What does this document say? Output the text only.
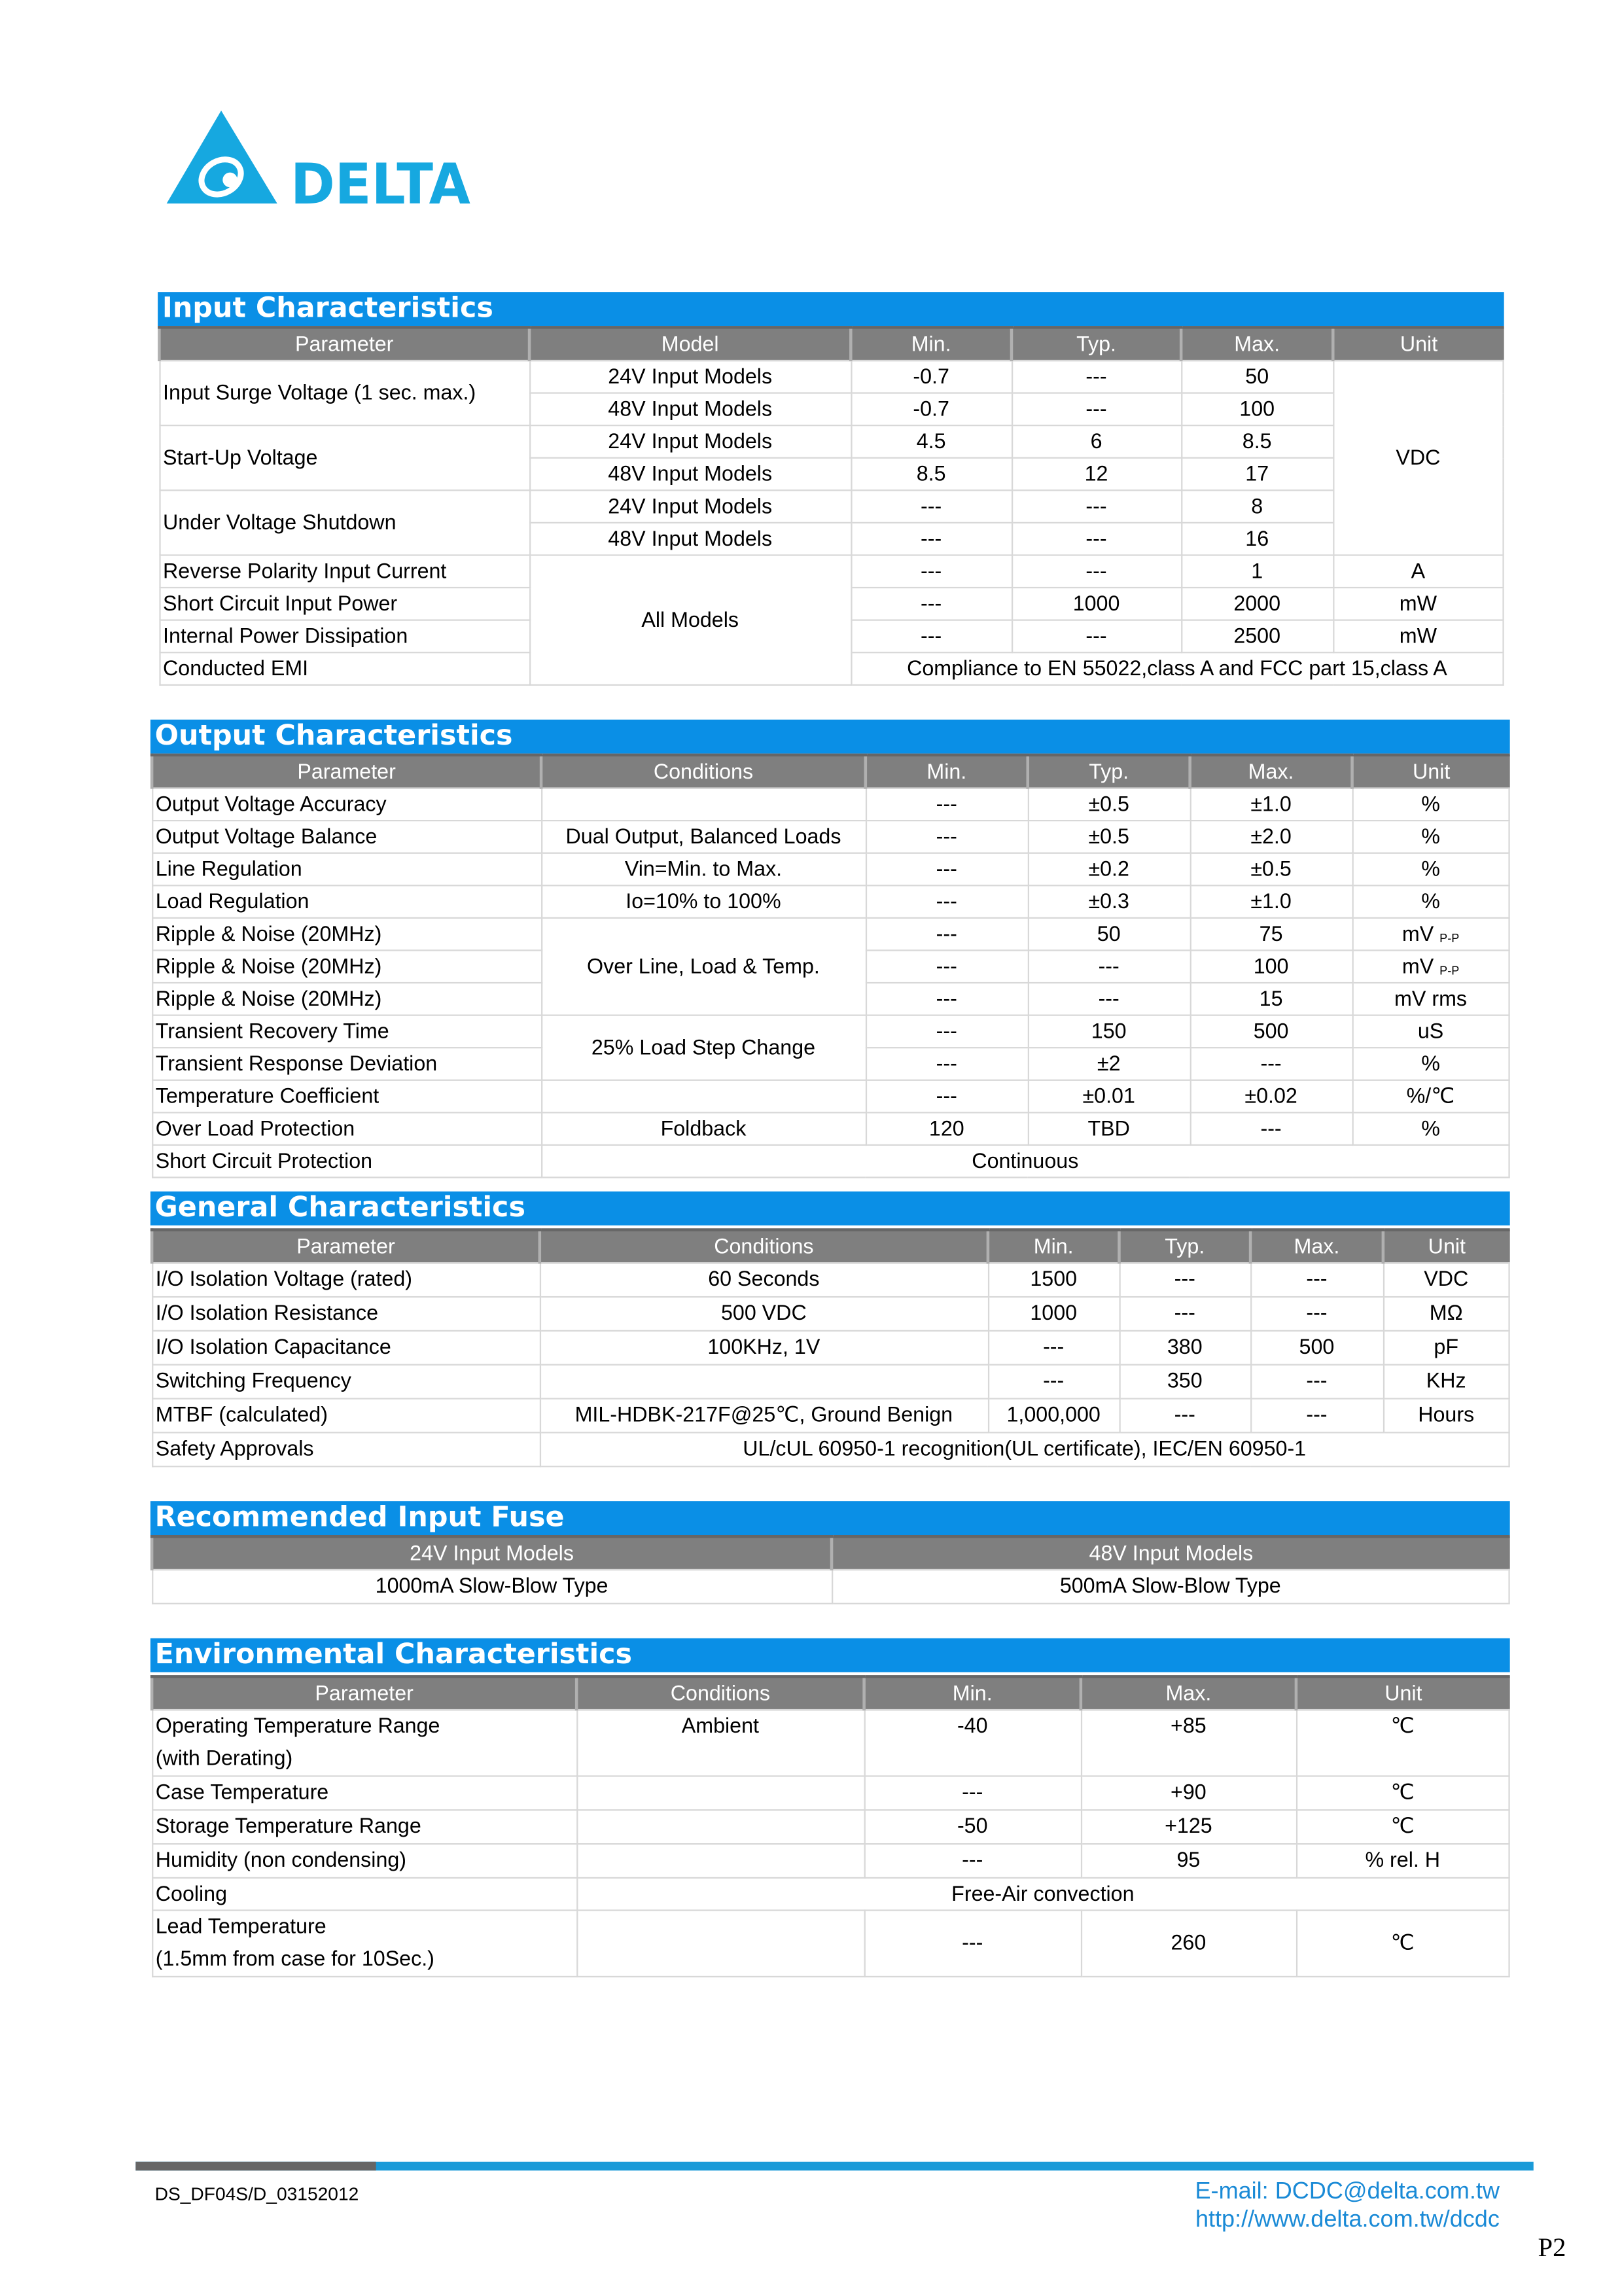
DELTA
Input Characteristics
Parameter	Model	Min.	Typ.	Max.	Unit
Input Surge Voltage (1 sec. max.)	24V Input Models	-0.7	---	50	VDC
	48V Input Models	-0.7	---	100	
Start-Up Voltage	24V Input Models	4.5	6	8.5	
	48V Input Models	8.5	12	17	
Under Voltage Shutdown	24V Input Models	---	---	8	
	48V Input Models	---	---	16	
Reverse Polarity Input Current	All Models	---	---	1	A
Short Circuit Input Power		---	1000	2000	mW
Internal Power Dissipation		---	---	2500	mW
Conducted EMI		Compliance to EN 55022,class A and FCC part 15,class A			
Output Characteristics
Parameter	Conditions	Min.	Typ.	Max.	Unit
Output Voltage Accuracy		---	±0.5	±1.0	%
Output Voltage Balance	Dual Output, Balanced Loads	---	±0.5	±2.0	%
Line Regulation	Vin=Min. to Max.	---	±0.2	±0.5	%
Load Regulation	Io=10% to 100%	---	±0.3	±1.0	%
Ripple & Noise (20MHz)	Over Line, Load & Temp.	---	50	75	mV $_{P-P}$
Ripple & Noise (20MHz)		---	---	100	mV $_{P-P}$
Ripple & Noise (20MHz)		---	---	15	mV rms
Transient Recovery Time	25% Load Step Change	---	150	500	uS
Transient Response Deviation		---	±2	---	%
Temperature Coefficient		---	±0.01	±0.02	%/℃
Over Load Protection	Foldback	120	TBD	---	%
Short Circuit Protection	Continuous				
General Characteristics
Parameter	Conditions	Min.	Typ.	Max.	Unit
I/O Isolation Voltage (rated)	60 Seconds	1500	---	---	VDC
I/O Isolation Resistance	500 VDC	1000	---	---	MΩ
I/O Isolation Capacitance	100KHz, 1V	---	380	500	pF
Switching Frequency		---	350	---	KHz
MTBF (calculated)	MIL-HDBK-217F@25℃, Ground Benign	1,000,000	---	---	Hours
Safety Approvals	UL/cUL 60950-1 recognition(UL certificate), IEC/EN 60950-1				
Recommended Input Fuse
24V Input Models	48V Input Models
1000mA Slow-Blow Type	500mA Slow-Blow Type
Environmental Characteristics
Parameter	Conditions	Min.	Max.	Unit

Operating Temperature Range
(with Derating)	Ambient	-40	+85	℃
Case Temperature		---	+90	℃
Storage Temperature Range		-50	+125	℃
Humidity (non condensing)		---	95	% rel. H
Cooling	Free-Air convection			

Lead Temperature
(1.5mm from case for 10Sec.)		---	260	℃
DS_DF04S/D_03152012	E-mail: DCDC@delta.com.tw
http://www.delta.com.tw/dcdc
P2
